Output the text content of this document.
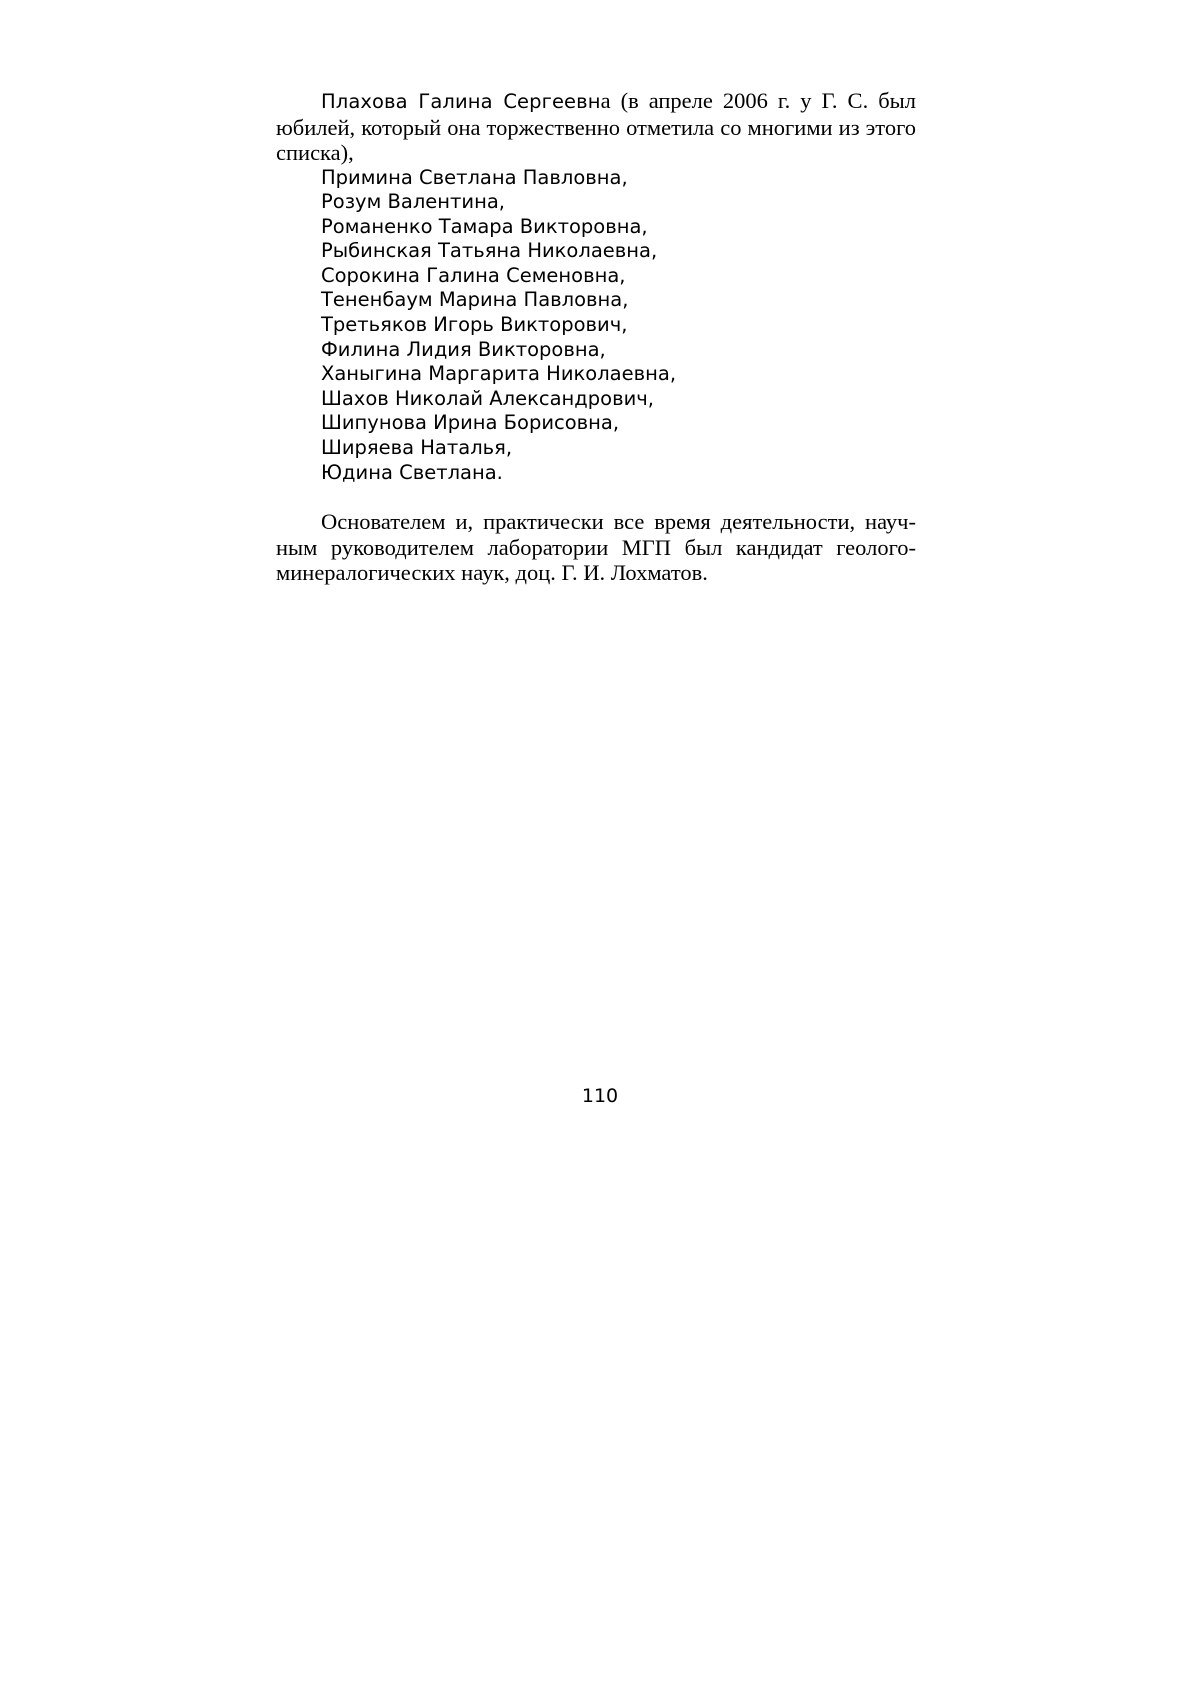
Плахова Галина Сергеевна (в апреле 2006 г. у Г. С. был юбилей, который она торжественно отметила со многими из этого списка),

Примина Светлана Павловна,
Розум Валентина,
Романенко Тамара Викторовна,
Рыбинская Татьяна Николаевна,
Сорокина Галина Семеновна,
Тененбаум Марина Павловна,
Третьяков Игорь Викторович,
Филина Лидия Викторовна,
Ханыгина Маргарита Николаевна,
Шахов Николай Александрович,
Шипунова Ирина Борисовна,
Ширяева Наталья,
Юдина Светлана.

Основателем и, практически все время деятельности, научным руководителем лаборатории МГП был кандидат геолого-минералогических наук, доц. Г. И. Лохматов.

110
